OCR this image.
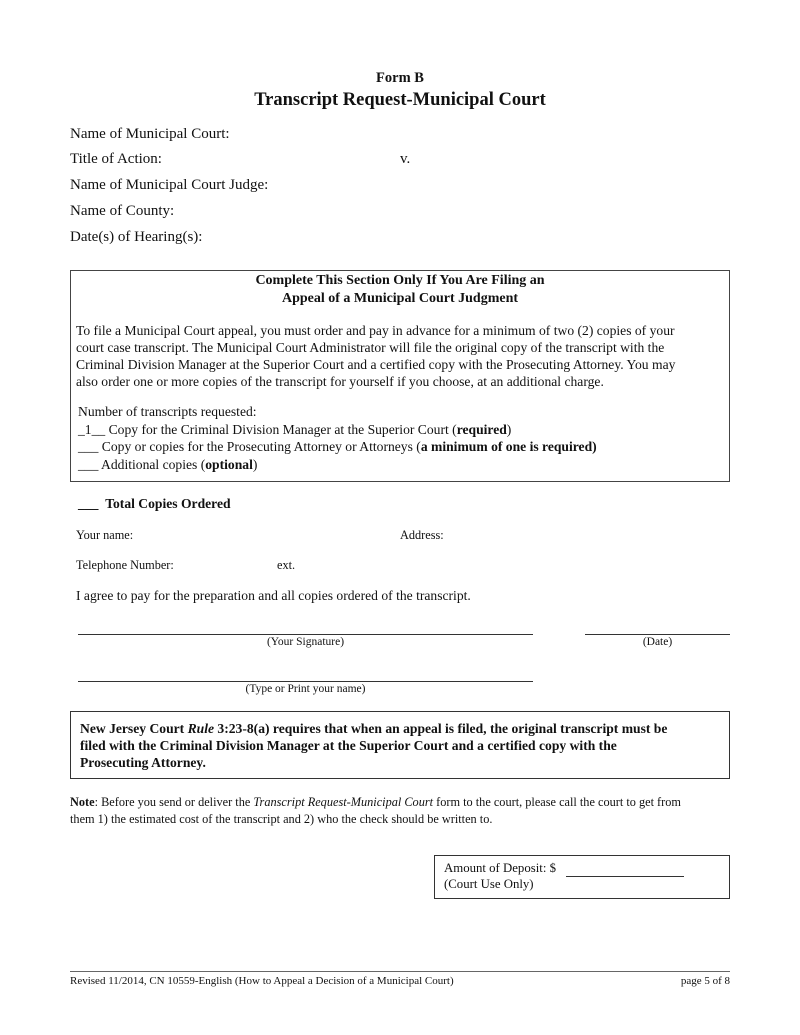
Form B
Transcript Request-Municipal Court
Name of Municipal Court:
Title of Action:	v.
Name of Municipal Court Judge:
Name of County:
Date(s) of Hearing(s):
Complete This Section Only If You Are Filing an
Appeal of a Municipal Court Judgment
To file a Municipal Court appeal, you must order and pay in advance for a minimum of two (2) copies of your
court case transcript. The Municipal Court Administrator will file the original copy of the transcript with the
Criminal Division Manager at the Superior Court and a certified copy with the Prosecuting Attorney. You may
also order one or more copies of the transcript for yourself if you choose, at an additional charge.
Number of transcripts requested:
_1__ Copy for the Criminal Division Manager at the Superior Court (required)
___ Copy or copies for the Prosecuting Attorney or Attorneys (a minimum of one is required)
___ Additional copies (optional)
___ Total Copies Ordered
Your name:	Address:
Telephone Number:	ext.
I agree to pay for the preparation and all copies ordered of the transcript.
(Your Signature)	(Date)
(Type or Print your name)
New Jersey Court Rule 3:23-8(a) requires that when an appeal is filed, the original transcript must be
filed with the Criminal Division Manager at the Superior Court and a certified copy with the
Prosecuting Attorney.
Note: Before you send or deliver the Transcript Request-Municipal Court form to the court, please call the court to get from
them 1) the estimated cost of the transcript and 2) who the check should be written to.
Amount of Deposit: $
(Court Use Only)
Revised 11/2014, CN 10559-English (How to Appeal a Decision of a Municipal Court)	page 5 of 8
